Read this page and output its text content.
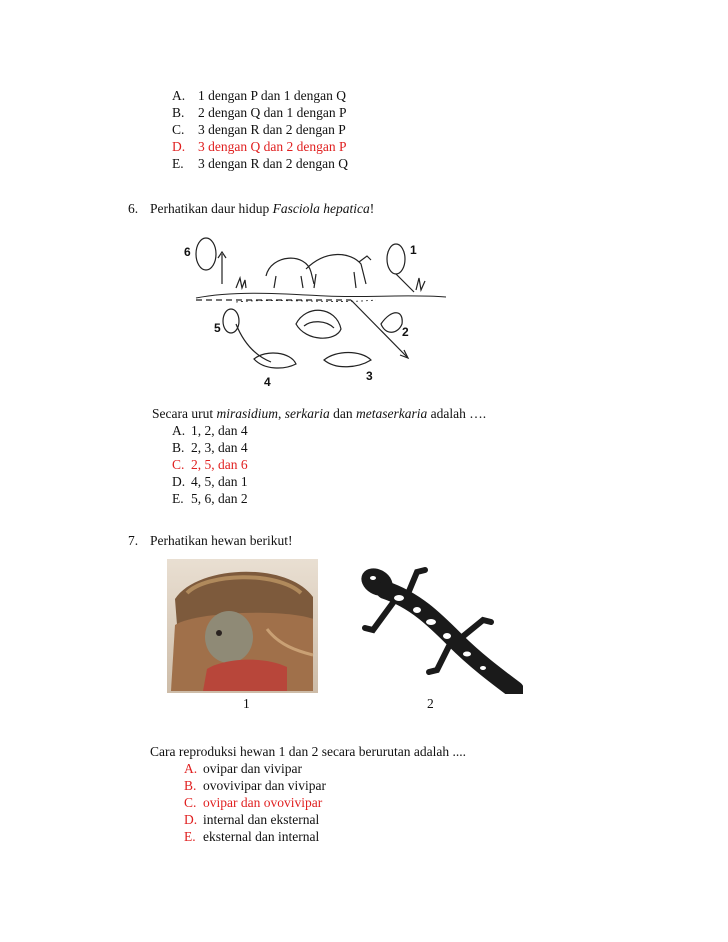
A. 1 dengan P dan 1 dengan Q
B. 2 dengan Q dan 1 dengan P
C. 3 dengan R dan 2 dengan P
D. 3 dengan Q dan 2 dengan P
E. 3 dengan R dan 2 dengan Q
6. Perhatikan daur hidup Fasciola hepatica!
6	1
5	2
3
4
Secara urut mirasidium, serkaria dan metaserkaria adalah ….
A. 1, 2, dan 4
B. 2, 3, dan 4
C. 2, 5, dan 6
D. 4, 5, dan 1
E. 5, 6, dan 2
7. Perhatikan hewan berikut!
1	2
Cara reproduksi hewan 1 dan 2 secara berurutan adalah ....
A. ovipar dan vivipar
B. ovovivipar dan vivipar
C. ovipar dan ovovivipar
D. internal dan eksternal
E. eksternal dan internal
